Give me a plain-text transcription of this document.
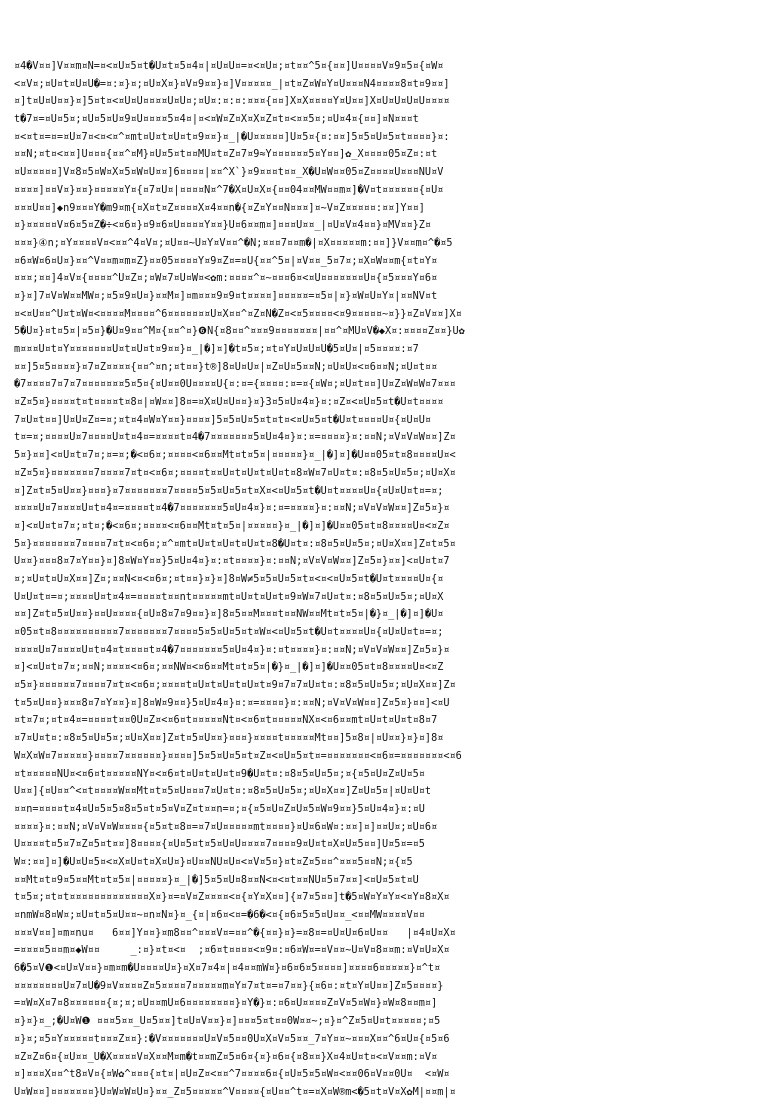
¤4�V¤¤]V¤¤m¤N=¤<¤U¤5¤t�U¤t¤5¤4¤|¤U¤U¤=¤<¤U¤;¤t¤¤^5¤{¤¤]U¤¤¤¤V¤9¤5¤{¤W¤
<¤V¤;¤U¤t¤U¤U�=¤:¤}¤;¤U¤X¤}¤V¤9¤¤}¤]V¤¤¤¤¤_|¤t¤Z¤W¤Y¤U¤¤¤N4¤¤¤¤8¤t¤9¤¤]
¤]t¤U¤U¤¤}¤]5¤t¤<¤U¤U¤¤¤¤U¤U¤;¤U¤:¤:¤:¤¤¤{¤¤]X¤X¤¤¤¤Y¤U¤¤]X¤U¤U¤U¤U¤¤¤¤
t�7¤=¤U¤5¤;¤U¤5¤U¤9¤U¤¤¤¤5¤4¤|¤<¤W¤Z¤X¤X¤Z¤t¤<¤¤5¤;¤U¤4¤{¤¤]¤N¤¤¤t
¤<¤t¤=¤=¤U¤7¤<¤<¤^¤mt¤U¤t¤U¤t¤9¤¤}¤_|�U¤¤¤¤¤]U¤5¤{¤:¤¤]5¤5¤U¤5¤t¤¤¤¤}¤:
¤¤N;¤t¤<¤¤]U¤¤¤{¤¤^¤M}¤U¤5¤t¤¤MU¤t¤Z¤7¤9≈Y¤¤¤¤¤¤5¤Y¤¤]✿_X¤¤¤¤05¤Z¤:¤t
¤U¤¤¤¤¤]V¤8¤5¤W¤X¤5¤W¤U¤¤]6¤¤¤¤|¤¤^X`}¤9¤¤¤t¤¤_X�U¤W¤¤05¤Z¤¤¤¤U¤¤¤NU¤V
¤¤¤¤]¤¤V¤}¤¤}¤¤¤¤¤Y¤{¤7¤U¤|¤¤¤¤N¤^7�X¤U¤X¤{¤¤04¤¤MW¤¤m¤]�V¤t¤¤¤¤¤¤{¤U¤
¤¤¤U¤¤]◆n9¤¤¤Y�m9¤m{¤X¤t¤Z¤¤¤¤X¤4¤¤n�{¤Z¤Y¤¤N¤¤¤]¤~V¤Z¤¤¤¤¤:¤¤]Y¤¤]
¤}¤¤¤¤¤V¤6¤5¤Z�÷<¤6¤}¤9¤6¤U¤¤¤¤Y¤¤}U¤6¤¤m¤]¤¤¤U¤¤_|¤U¤V¤4¤¤}¤MV¤¤}Z¤
¤¤¤}④n;¤Y¤¤¤¤V¤<¤¤^4¤V¤;¤U¤¤~U¤Y¤V¤¤^�N;¤¤¤7¤¤m�|¤X¤¤¤¤¤m:¤¤]}V¤¤m¤^�¤5
¤6¤W¤6¤U¤}¤¤^V¤¤m¤m¤Z}¤¤05¤¤¤¤Y¤9¤Z¤=¤U{¤¤^5¤|¤V¤¤_5¤7¤;¤X¤W¤¤m{¤t¤Y¤
¤¤¤;¤¤]4¤V¤{¤¤¤¤^U¤Z¤;¤W¤7¤U¤W¤<✿m:¤¤¤¤^¤~¤¤¤6¤<¤U¤¤¤¤¤¤¤U¤{¤5¤¤¤Y¤6¤
¤}¤]7¤V¤W¤¤MW¤;¤5¤9¤U¤}¤¤M¤]¤m¤¤¤9¤9¤t¤¤¤¤]¤¤¤¤¤=¤5¤|¤}¤W¤U¤Y¤|¤¤NV¤t
¤<¤U¤¤^U¤t¤W¤<¤¤¤¤M¤¤¤¤^6¤¤¤¤¤¤¤U¤X¤¤^¤Z¤N�Z¤<¤5¤¤¤¤<¤9¤¤¤¤¤~¤}}¤Z¤V¤¤]X¤
5�U¤}¤t¤5¤|¤5¤}�U¤9¤¤^M¤{¤¤^¤}❻N{¤8¤¤^¤¤¤9¤¤¤¤¤¤¤|¤¤^¤MU¤V�◆X¤:¤¤¤¤Z¤¤}U✿
m¤¤¤U¤t¤Y¤¤¤¤¤¤¤U¤t¤U¤t¤9¤¤}¤_|�]¤]�t¤5¤;¤t¤Y¤U¤U¤U�5¤U¤|¤5¤¤¤¤:¤7
¤¤]5¤5¤¤¤¤}¤7¤Z¤¤¤¤{¤¤^¤n;¤t¤¤}t®]8¤U¤U¤|¤Z¤U¤5¤¤N;¤U¤U¤<¤6¤¤N;¤U¤t¤¤
�7¤¤¤¤7¤7¤7¤¤¤¤¤¤¤5¤5¤{¤U¤¤0U¤¤¤¤U{¤:¤={¤¤¤¤:¤=¤{¤W¤;¤U¤t¤¤]U¤Z¤W¤W¤7¤¤¤
¤Z¤5¤}¤¤¤¤t¤t¤¤¤¤t¤8¤|¤W¤¤]8¤=¤X¤U¤U¤¤}¤}3¤5¤U¤4¤}¤:¤Z¤<¤U¤5¤t�U¤t¤¤¤¤
7¤U¤t¤¤]U¤U¤Z¤=¤;¤t¤4¤W¤Y¤¤}¤¤¤¤]5¤5¤U¤5¤t¤t¤<¤U¤5¤t�U¤t¤¤¤¤U¤{¤U¤U¤
t¤=¤;¤¤¤¤U¤7¤¤¤¤U¤t¤4¤=¤¤¤¤t¤4�7¤¤¤¤¤¤¤5¤U¤4¤}¤:¤=¤¤¤¤}¤:¤¤N;¤V¤V¤W¤¤]Z¤
5¤}¤¤]<¤U¤t¤7¤;¤=¤;�<¤6¤;¤¤¤¤<¤6¤¤Mt¤t¤5¤|¤¤¤¤¤}¤_|�]¤]�U¤¤05¤t¤8¤¤¤¤U¤<
¤Z¤5¤}¤¤¤¤¤¤¤7¤¤¤¤7¤t¤<¤6¤;¤¤¤¤t¤¤U¤t¤U¤t¤U¤t¤8¤W¤7¤U¤t¤:¤8¤5¤U¤5¤;¤U¤X¤
¤]Z¤t¤5¤U¤¤}¤¤¤}¤7¤¤¤¤¤¤¤7¤¤¤¤5¤5¤U¤5¤t¤X¤<¤U¤5¤t�U¤t¤¤¤¤U¤{¤U¤U¤t¤=¤;
¤¤¤¤U¤7¤¤¤¤U¤t¤4¤=¤¤¤¤t¤4�7¤¤¤¤¤¤¤5¤U¤4¤}¤:¤=¤¤¤¤}¤:¤¤N;¤V¤V¤W¤¤]Z¤5¤}¤
¤]<¤U¤t¤7¤;¤t¤;�<¤6¤;¤¤¤¤<¤6¤¤Mt¤t¤5¤|¤¤¤¤¤}¤_|�]¤]�U¤¤05¤t¤8¤¤¤¤U¤<¤Z¤
5¤}¤¤¤¤¤¤¤7¤¤¤¤7¤t¤<¤6¤;¤^¤mt¤U¤t¤U¤t¤U¤t¤8�U¤t¤:¤8¤5¤U¤5¤;¤U¤X¤¤]Z¤t¤5¤
U¤¤}¤¤¤8¤7¤Y¤¤}¤]8¤W¤Y¤¤}5¤U¤4¤}¤:¤t¤¤¤¤}¤:¤¤N;¤V¤V¤W¤¤]Z¤5¤}¤¤]<¤U¤t¤7
¤;¤U¤t¤U¤X¤¤]Z¤;¤¤N<¤<¤6¤;¤t¤¤}¤}¤]8¤W≠5¤5¤U¤5¤t¤<¤<¤U¤5¤t�U¤t¤¤¤¤U¤{¤
U¤U¤t¤=¤;¤¤¤¤U¤t¤4¤=¤¤¤¤t¤¤nt¤¤¤¤¤mt¤U¤t¤U¤t¤9¤W¤7¤U¤t¤:¤8¤5¤U¤5¤;¤U¤X
¤¤]Z¤t¤5¤U¤¤}¤¤U¤¤¤¤{¤U¤8¤7¤9¤¤}¤]8¤5¤¤M¤¤¤t¤¤NW¤¤Mt¤t¤5¤|�}¤_|�]¤]�U¤
¤05¤t¤8¤¤¤¤¤¤¤¤¤¤7¤¤¤¤¤¤¤7¤¤¤¤5¤5¤U¤5¤t¤W¤<¤U¤5¤t�U¤t¤¤¤¤U¤{¤U¤U¤t¤=¤;
¤¤¤¤U¤7¤¤¤¤U¤t¤4¤t¤¤¤¤t¤4�7¤¤¤¤¤¤¤5¤U¤4¤}¤:¤t¤¤¤¤}¤:¤¤N;¤V¤V¤W¤¤]Z¤5¤}¤
¤]<¤U¤t¤7¤;¤¤N;¤¤¤¤<¤6¤;¤¤NW¤<¤6¤¤Mt¤t¤5¤|�}¤_|�]¤]�U¤¤05¤t¤8¤¤¤¤U¤<¤Z
¤5¤}¤¤¤¤¤¤7¤¤¤¤7¤t¤<¤6¤;¤¤¤¤t¤U¤t¤U¤t¤U¤t¤9¤7¤7¤U¤t¤:¤8¤5¤U¤5¤;¤U¤X¤¤]Z¤
t¤5¤U¤¤}¤¤¤8¤7¤Y¤¤}¤]8¤W¤9¤¤}5¤U¤4¤}¤:¤=¤¤¤¤}¤:¤¤N;¤V¤V¤W¤¤]Z¤5¤}¤¤]<¤U
¤t¤7¤;¤t¤4¤=¤¤¤¤t¤¤0U¤Z¤<¤6¤t¤¤¤¤¤Nt¤<¤6¤t¤¤¤¤¤NX¤<¤6¤¤mt¤U¤t¤U¤t¤8¤7
¤7¤U¤t¤:¤8¤5¤U¤5¤;¤U¤X¤¤]Z¤t¤5¤U¤¤}¤¤¤}¤¤¤¤t¤¤¤¤¤Mt¤¤]5¤8¤|¤U¤¤}¤}¤]8¤
W¤X¤W¤7¤¤¤¤¤}¤¤¤¤7¤¤¤¤¤¤}¤¤¤¤]5¤5¤U¤5¤t¤Z¤<¤U¤5¤t¤=¤¤¤¤¤¤¤<¤6¤=¤¤¤¤¤¤¤<¤6
¤t¤¤¤¤¤NU¤<¤6¤t¤¤¤¤¤NY¤<¤6¤t¤U¤t¤U¤t¤9�U¤t¤:¤8¤5¤U¤5¤;¤{¤5¤U¤Z¤U¤5¤
U¤¤]{¤U¤¤^<¤t¤¤¤¤W¤¤Mt¤t¤5¤U¤¤¤7¤U¤t¤:¤8¤5¤U¤5¤;¤U¤X¤¤]Z¤U¤5¤|¤U¤U¤t
¤¤n=¤¤¤¤t¤4¤U¤5¤5¤8¤5¤t¤5¤V¤Z¤t¤¤n=¤;¤{¤5¤U¤Z¤U¤5¤W¤9¤¤}5¤U¤4¤}¤:¤U
¤¤¤¤}¤:¤¤N;¤V¤V¤W¤¤¤¤{¤5¤t¤8¤=¤7¤U¤¤¤¤¤mt¤¤¤¤}¤U¤6¤W¤:¤¤]¤]¤¤U¤;¤U¤6¤
U¤¤¤¤t¤5¤7¤Z¤5¤t¤¤]8¤¤¤¤{¤U¤5¤t¤5¤U¤U¤¤¤¤7¤¤¤¤9¤U¤t¤X¤U¤5¤¤]U¤5¤=¤5
W¤:¤¤]¤]�U¤U¤5¤<¤X¤U¤t¤X¤U¤}¤U¤¤NU¤U¤<¤V¤5¤}¤t¤Z¤5¤¤^¤¤¤5¤¤N;¤{¤5
¤¤Mt¤t¤9¤5¤¤Mt¤t¤5¤|¤¤¤¤¤}¤_|�]5¤5¤U¤8¤¤N<¤<¤t¤¤NU¤5¤7¤¤]<¤U¤5¤t¤U
t¤5¤;¤t¤t¤¤¤¤¤¤¤¤¤¤¤¤¤X¤}¤=¤V¤Z¤¤¤¤<¤{¤Y¤X¤¤]{¤7¤5¤¤]t�5¤W¤Y¤Y¤<¤Y¤8¤X¤
¤nmW¤8¤W¤;¤U¤t¤5¤U¤¤~¤n¤N¤}¤_{¤|¤6¤<¤=�6�<¤{¤6¤5¤5¤U¤¤_<¤¤MW¤¤¤¤V¤¤
¤¤¤V¤¤]¤m¤nu¤   6¤¤]Y¤¤}¤m8¤¤^¤¤¤V¤=¤¤^�{¤¤}¤}=¤8¤=¤U¤U¤6¤U¤¤   |¤4¤U¤X¤
=¤¤¤¤5¤¤m¤◆W¤¤     _:¤}¤t¤<¤  ;¤6¤t¤¤¤¤<¤9¤:¤6¤W¤=¤V¤¤~U¤V¤8¤¤m:¤V¤U¤X¤
6�5¤V❶<¤U¤V¤¤}¤m¤m�U¤¤¤¤U¤}¤X¤7¤4¤|¤4¤¤mW¤}¤6¤6¤5¤¤¤¤]¤¤¤¤6¤¤¤¤¤}¤^t¤
¤¤¤¤¤¤¤¤U¤7¤U�9¤V¤¤¤¤Z¤5¤¤¤¤7¤¤¤¤¤m¤Y¤7¤t¤=¤7¤¤}{¤6¤:¤t¤Y¤U¤¤]Z¤5¤¤¤¤}
=¤W¤X¤7¤8¤¤¤¤¤¤{¤;¤;¤U¤¤mU¤6¤¤¤¤¤¤¤¤}¤Y�}¤:¤6¤U¤¤¤¤Z¤V¤5¤W¤}¤W¤8¤¤m¤]
¤}¤}¤_;�U¤W❶ ¤¤¤5¤¤_U¤5¤¤]t¤U¤V¤¤}¤]¤¤¤5¤t¤¤0W¤¤~;¤}¤^Z¤5¤U¤t¤¤¤¤¤;¤5
¤}¤;¤5¤Y¤¤¤¤¤t¤¤¤Z¤¤}:�V¤¤¤¤¤¤¤U¤V¤5¤¤0U¤X¤V¤5¤¤_7¤Y¤¤~¤¤¤X¤¤^6¤U¤{¤5¤6
¤Z¤Z¤6¤{¤U¤¤_U�X¤¤¤¤V¤X¤¤M¤m�t¤¤mZ¤5¤6¤{¤}¤6¤{¤8¤¤}X¤4¤U¤t¤<¤V¤¤m:¤V¤
¤]¤¤¤X¤¤^t8¤V¤{¤W✿^¤¤¤{¤t¤|¤U¤Z¤<¤¤^7¤¤¤¤6¤{¤U¤5¤5¤W¤<¤¤06¤V¤¤0U¤  <¤W¤
U¤W¤¤]¤¤¤¤¤¤¤}U¤W¤W¤U¤}¤¤_Z¤5¤¤¤¤¤^V¤¤¤¤{¤U¤¤^t¤=¤X¤W®m<�5¤t¤V¤X✿M|¤¤m|¤
